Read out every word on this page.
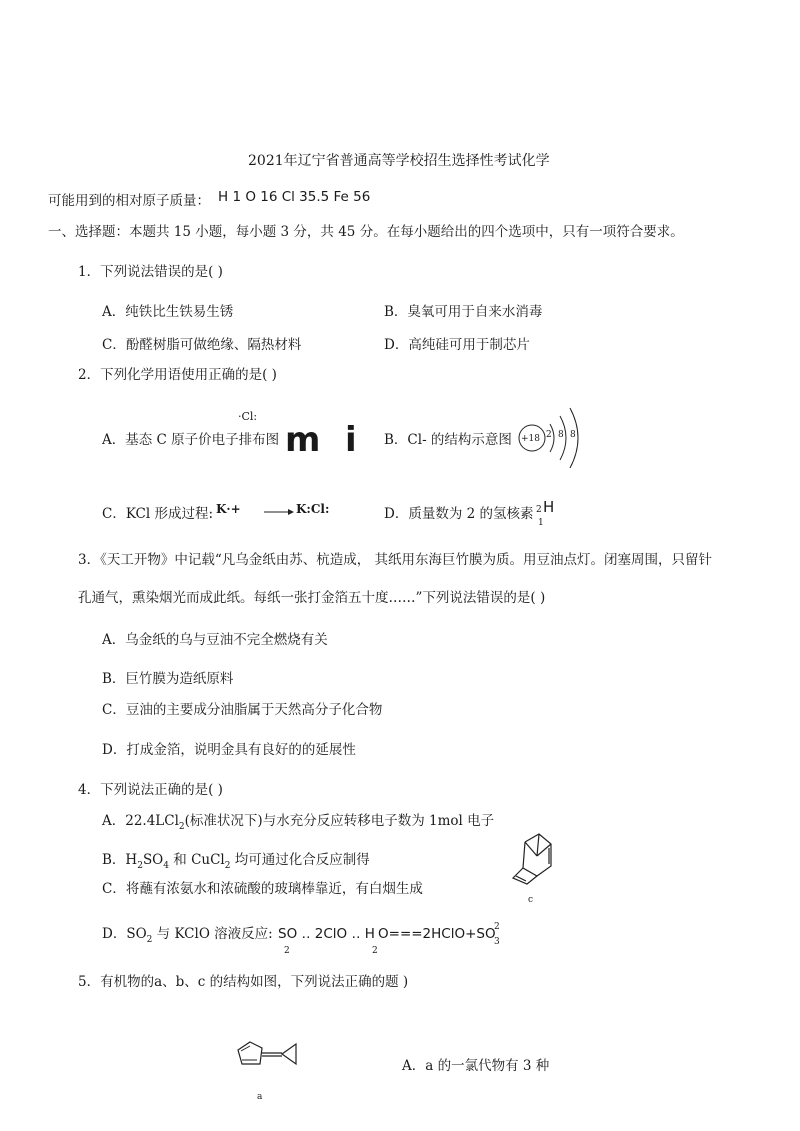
2021年辽宁省普通高等学校招生选择性考试化学
可能用到的相对原子质量： H 1 O 16 Cl 35.5 Fe 56
一、选择题：本题共 15 小题，每小题 3 分，共 45 分。在每小题给出的四个选项中，只有一项符合要求。
1．下列说法错误的是( )
A．纯铁比生铁易生锈	B．臭氧可用于自来水消毒
C．酚醛树脂可做绝缘、隔热材料	D．高纯硅可用于制芯片
2．下列化学用语使用正确的是( )
A．基态 C 原子价电子排布图
·Cl:
m i B．Cl- 的结构示意图 +18 2 8 8
C．KCl 形成过程: K·+ → K:Cl:	D．质量数为 2 的氢核素 2 H
1
3．《天工开物》中记载“凡乌金纸由苏、杭造成， 其纸用东海巨竹膜为质。用豆油点灯。闭塞周围，只留针
孔通气，熏染烟光而成此纸。每纸一张打金箔五十度……”下列说法错误的是( )
A．乌金纸的乌与豆油不完全燃烧有关
B．巨竹膜为造纸原料
C．豆油的主要成分油脂属于天然高分子化合物
D．打成金箔，说明金具有良好的的延展性
4．下列说法正确的是( )
A．22.4LCl$_2$(标准状况下)与水充分反应转移电子数为 1mol 电子
B．$H_2SO_4$ 和 CuCl$_2$ 均可通过化合反应制得
C．将蘸有浓氨水和浓硫酸的玻璃棒靠近，有白烟生成
D．$SO_2$ 与 KClO 溶液反应: SO ‥ 2ClO ‥ H O===2HClO+SO
2
2	2
3
c
5．有机物的a、b、c 的结构如图，下列说法正确的题 )
a
A．a 的一氯代物有 3 种
